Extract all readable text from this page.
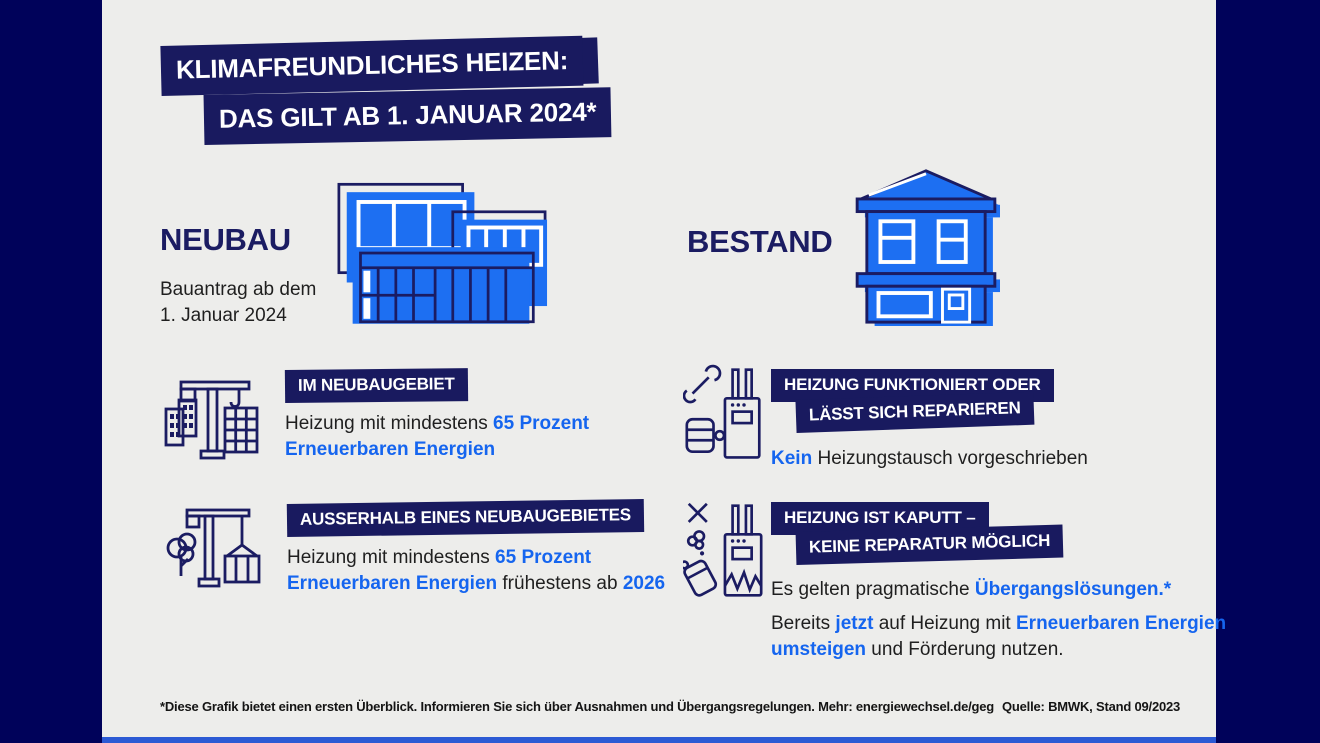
KLIMAFREUNDLICHES HEIZEN:
DAS GILT AB 1. JANUAR 2024*
NEUBAU
Bauantrag ab dem
1. Januar 2024
IM NEUBAUGEBIET
Heizung mit mindestens 65 Prozent
Erneuerbaren Energien
AUSSERHALB EINES NEUBAUGEBIETES
Heizung mit mindestens 65 Prozent
Erneuerbaren Energien frühestens ab 2026
BESTAND
HEIZUNG FUNKTIONIERT ODER
LÄSST SICH REPARIEREN
Kein Heizungstausch vorgeschrieben
HEIZUNG IST KAPUTT –
KEINE REPARATUR MÖGLICH
Es gelten pragmatische Übergangslösungen.*
Bereits jetzt auf Heizung mit Erneuerbaren Energien
umsteigen und Förderung nutzen.
*Diese Grafik bietet einen ersten Überblick. Informieren Sie sich über Ausnahmen und Übergangsregelungen. Mehr: energiewechsel.de/geg Quelle: BMWK, Stand 09/2023
